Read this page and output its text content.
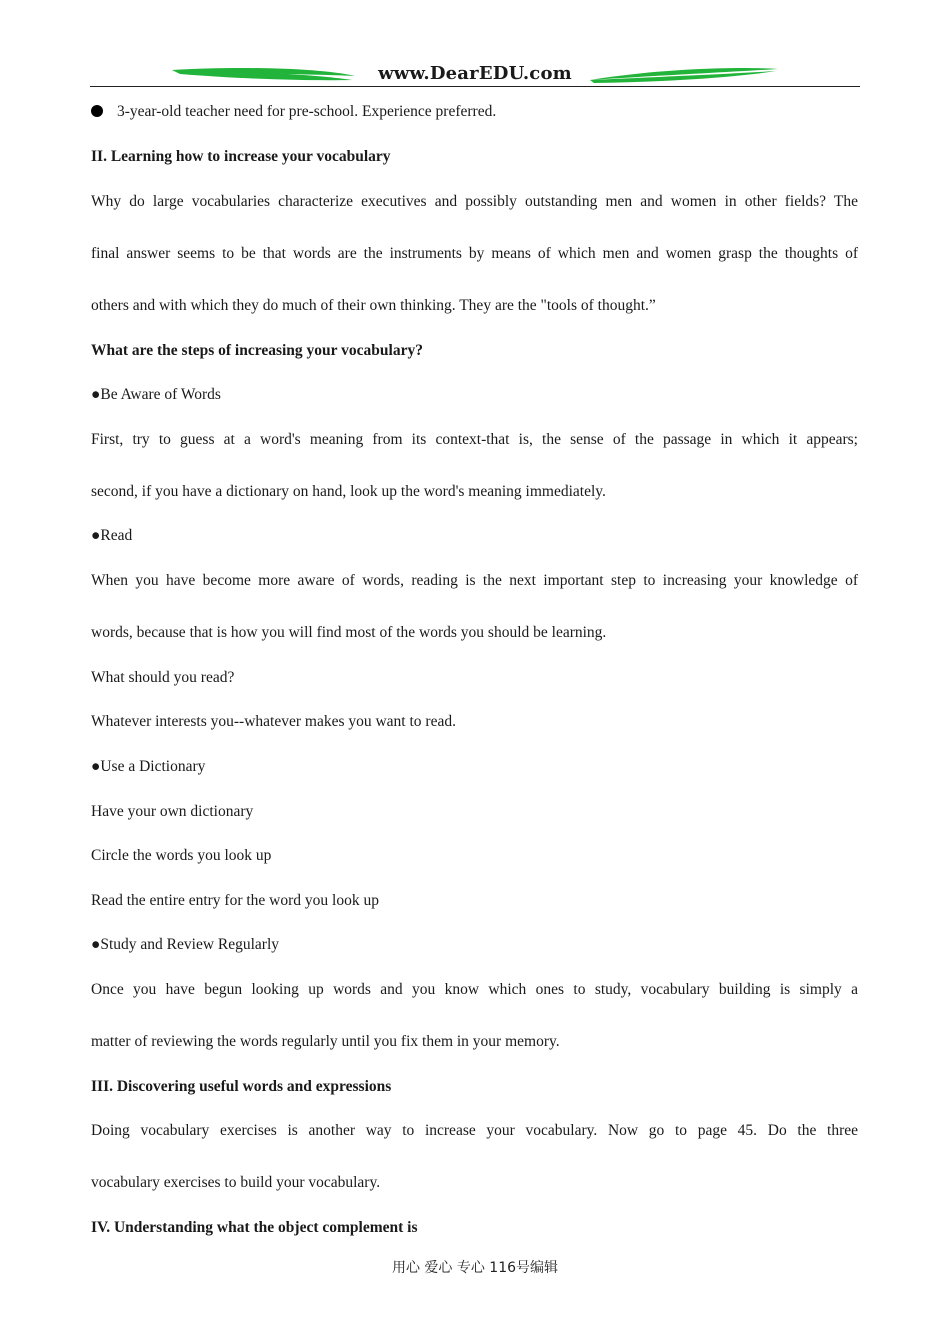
www.DearEDU.com
3-year-old teacher need for pre-school. Experience preferred.
II. Learning how to increase your vocabulary
Why do large vocabularies characterize executives and possibly outstanding men and women in other fields? The
final answer seems to be that words are the instruments by means of which men and women grasp the thoughts of
others and with which they do much of their own thinking. They are the "tools of thought.”
What are the steps of increasing your vocabulary?
●Be Aware of Words
First, try to guess at a word's meaning from its context-that is, the sense of the passage in which it appears;
second, if you have a dictionary on hand, look up the word's meaning immediately.
●Read
When you have become more aware of words, reading is the next important step to increasing your knowledge of
words, because that is how you will find most of the words you should be learning.
What should you read?
Whatever interests you--whatever makes you want to read.
●Use a Dictionary
Have your own dictionary
Circle the words you look up
Read the entire entry for the word you look up
●Study and Review Regularly
Once you have begun looking up words and you know which ones to study, vocabulary building is simply a
matter of reviewing the words regularly until you fix them in your memory.
III. Discovering useful words and expressions
Doing vocabulary exercises is another way to increase your vocabulary. Now go to page 45. Do the three
vocabulary exercises to build your vocabulary.
IV. Understanding what the object complement is
用心 爱心 专心 116号编辑
